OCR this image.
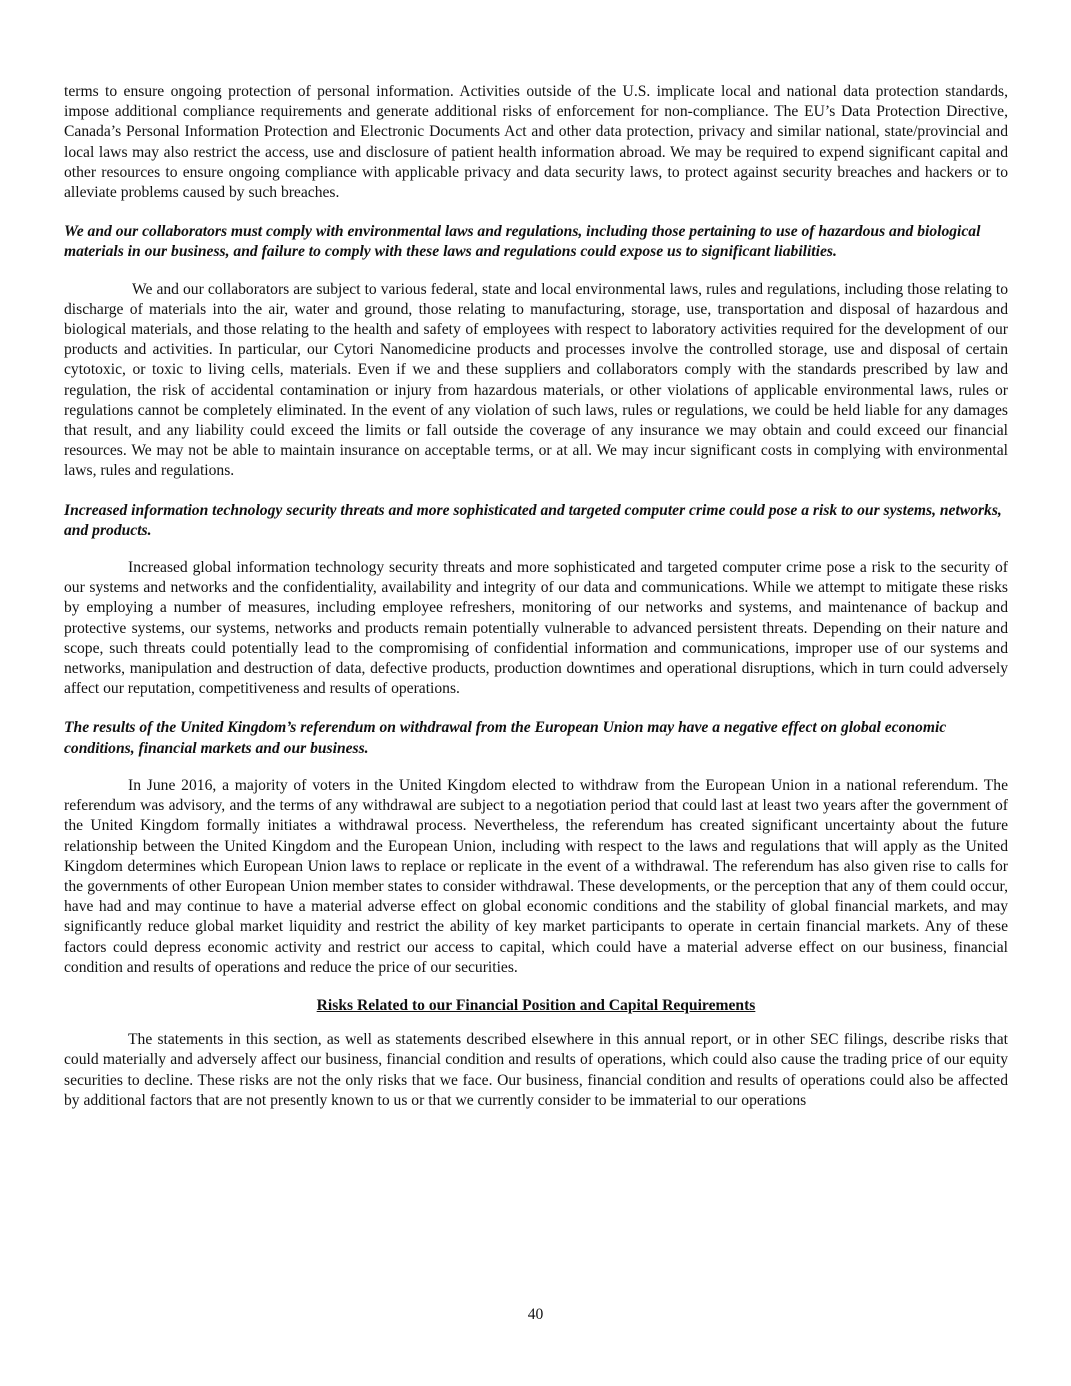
terms to ensure ongoing protection of personal information. Activities outside of the U.S. implicate local and national data protection standards, impose additional compliance requirements and generate additional risks of enforcement for non-compliance. The EU’s Data Protection Directive, Canada’s Personal Information Protection and Electronic Documents Act and other data protection, privacy and similar national, state/provincial and local laws may also restrict the access, use and disclosure of patient health information abroad. We may be required to expend significant capital and other resources to ensure ongoing compliance with applicable privacy and data security laws, to protect against security breaches and hackers or to alleviate problems caused by such breaches.

We and our collaborators must comply with environmental laws and regulations, including those pertaining to use of hazardous and biological materials in our business, and failure to comply with these laws and regulations could expose us to significant liabilities.

We and our collaborators are subject to various federal, state and local environmental laws, rules and regulations, including those relating to discharge of materials into the air, water and ground, those relating to manufacturing, storage, use, transportation and disposal of hazardous and biological materials, and those relating to the health and safety of employees with respect to laboratory activities required for the development of our products and activities. In particular, our Cytori Nanomedicine products and processes involve the controlled storage, use and disposal of certain cytotoxic, or toxic to living cells, materials. Even if we and these suppliers and collaborators comply with the standards prescribed by law and regulation, the risk of accidental contamination or injury from hazardous materials, or other violations of applicable environmental laws, rules or regulations cannot be completely eliminated. In the event of any violation of such laws, rules or regulations, we could be held liable for any damages that result, and any liability could exceed the limits or fall outside the coverage of any insurance we may obtain and could exceed our financial resources. We may not be able to maintain insurance on acceptable terms, or at all. We may incur significant costs in complying with environmental laws, rules and regulations.

Increased information technology security threats and more sophisticated and targeted computer crime could pose a risk to our systems, networks, and products.

Increased global information technology security threats and more sophisticated and targeted computer crime pose a risk to the security of our systems and networks and the confidentiality, availability and integrity of our data and communications. While we attempt to mitigate these risks by employing a number of measures, including employee refreshers, monitoring of our networks and systems, and maintenance of backup and protective systems, our systems, networks and products remain potentially vulnerable to advanced persistent threats. Depending on their nature and scope, such threats could potentially lead to the compromising of confidential information and communications, improper use of our systems and networks, manipulation and destruction of data, defective products, production downtimes and operational disruptions, which in turn could adversely affect our reputation, competitiveness and results of operations.

The results of the United Kingdom’s referendum on withdrawal from the European Union may have a negative effect on global economic conditions, financial markets and our business.

In June 2016, a majority of voters in the United Kingdom elected to withdraw from the European Union in a national referendum. The referendum was advisory, and the terms of any withdrawal are subject to a negotiation period that could last at least two years after the government of the United Kingdom formally initiates a withdrawal process. Nevertheless, the referendum has created significant uncertainty about the future relationship between the United Kingdom and the European Union, including with respect to the laws and regulations that will apply as the United Kingdom determines which European Union laws to replace or replicate in the event of a withdrawal. The referendum has also given rise to calls for the governments of other European Union member states to consider withdrawal. These developments, or the perception that any of them could occur, have had and may continue to have a material adverse effect on global economic conditions and the stability of global financial markets, and may significantly reduce global market liquidity and restrict the ability of key market participants to operate in certain financial markets. Any of these factors could depress economic activity and restrict our access to capital, which could have a material adverse effect on our business, financial condition and results of operations and reduce the price of our securities.

Risks Related to our Financial Position and Capital Requirements

The statements in this section, as well as statements described elsewhere in this annual report, or in other SEC filings, describe risks that could materially and adversely affect our business, financial condition and results of operations, which could also cause the trading price of our equity securities to decline. These risks are not the only risks that we face. Our business, financial condition and results of operations could also be affected by additional factors that are not presently known to us or that we currently consider to be immaterial to our operations

40
